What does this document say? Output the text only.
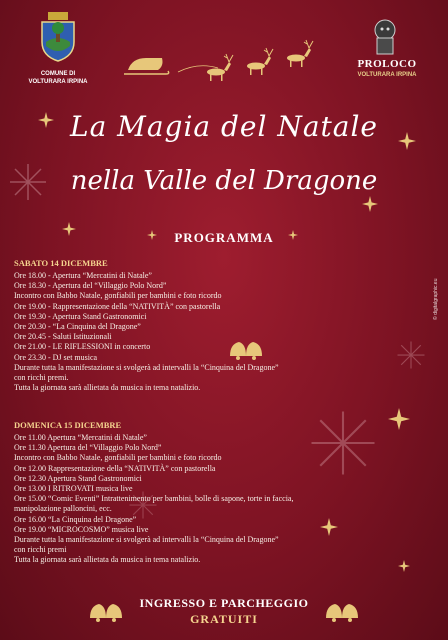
COMUNE DI
VOLTURARA IRPINA
PROLOCO
VOLTURARA IRPINA
La Magia del Natale
nella Valle del Dragone
PROGRAMMA
SABATO 14 DICEMBRE
Ore 18.00 - Apertura “Mercatini di Natale”
Ore 18.30 - Apertura del “Villaggio Polo Nord”
Incontro con Babbo Natale, gonfiabili per bambini e foto ricordo
Ore 19.00 - Rappresentazione della “NATIVITÀ” con pastorella
Ore 19.30 - Apertura Stand Gastronomici
Ore 20.30 - “La Cinquina del Dragone”
Ore 20.45 - Saluti Istituzionali
Ore 21.00 - LE RIFLESSIONI in concerto
Ore 23.30 - DJ set musica
Durante tutta la manifestazione si svolgerà ad intervalli la “Cinquina del Dragone”
con ricchi premi.
Tutta la giornata sarà allietata da musica in tema natalizio.
DOMENICA 15 DICEMBRE
Ore 11.00 Apertura “Mercatini di Natale”
Ore 11.30 Apertura del “Villaggio Polo Nord”
Incontro con Babbo Natale, gonfiabili per bambini e foto ricordo
Ore 12.00 Rappresentazione della “NATIVITÀ” con pastorella
Ore 12.30 Apertura Stand Gastronomici
Ore 13.00 I RITROVATI musica live
Ore 15.00 “Comic Eventi” Intrattenimento per bambini, bolle di sapone, torte in faccia,
manipolazione palloncini, ecc.
Ore 16.00 “La Cinquina del Dragone”
Ore 19.00 “MICROCOSMO” musica live
Durante tutta la manifestazione si svolgerà ad intervalli la “Cinquina del Dragone”
con ricchi premi
Tutta la giornata sarà allietata da musica in tema natalizio.
INGRESSO E PARCHEGGIO
GRATUITI
© digitalgraphic.eu
